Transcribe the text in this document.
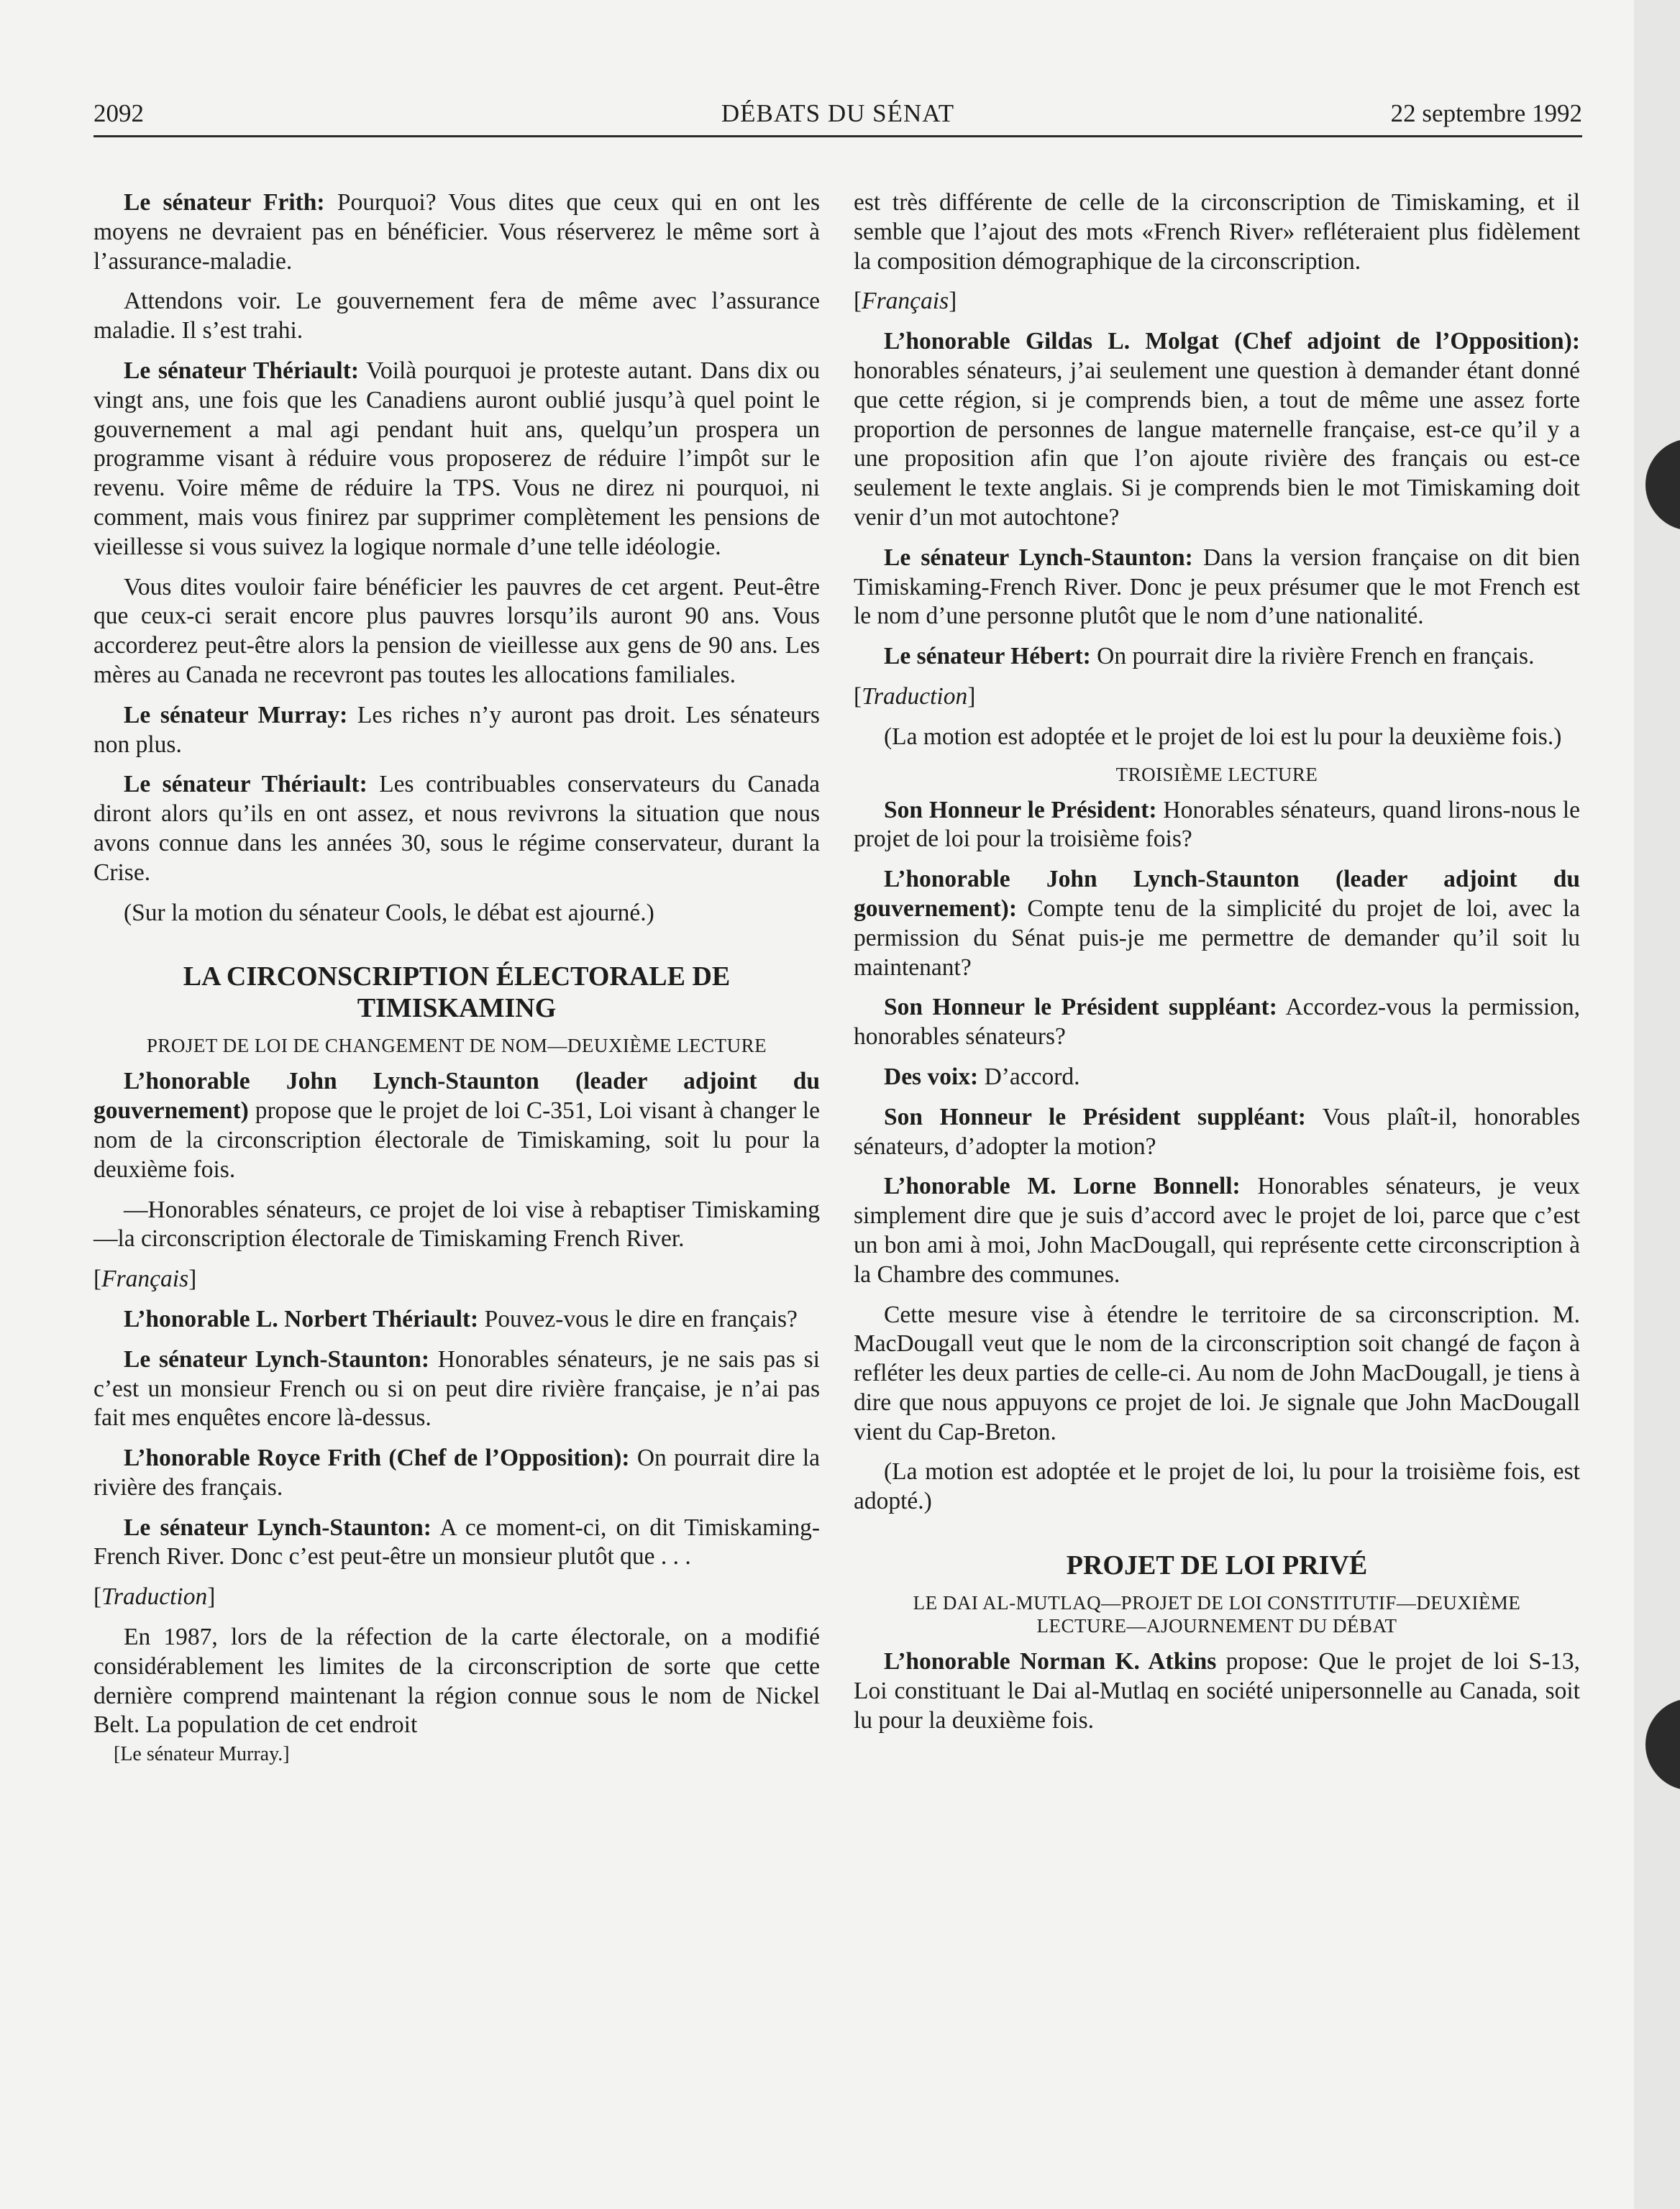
2092	DÉBATS DU SÉNAT	22 septembre 1992

Le sénateur Frith: Pourquoi? Vous dites que ceux qui en ont les moyens ne devraient pas en bénéficier. Vous réserverez le même sort à l’assurance-maladie.

Attendons voir. Le gouvernement fera de même avec l’assurance maladie. Il s’est trahi.

Le sénateur Thériault: Voilà pourquoi je proteste autant. Dans dix ou vingt ans, une fois que les Canadiens auront oublié jusqu’à quel point le gouvernement a mal agi pendant huit ans, quelqu’un prospera un programme visant à réduire vous proposerez de réduire l’impôt sur le revenu. Voire même de réduire la TPS. Vous ne direz ni pourquoi, ni comment, mais vous finirez par supprimer complètement les pensions de vieillesse si vous suivez la logique normale d’une telle idéologie.

Vous dites vouloir faire bénéficier les pauvres de cet argent. Peut-être que ceux-ci serait encore plus pauvres lorsqu’ils auront 90 ans. Vous accorderez peut-être alors la pension de vieillesse aux gens de 90 ans. Les mères au Canada ne recevront pas toutes les allocations familiales.

Le sénateur Murray: Les riches n’y auront pas droit. Les sénateurs non plus.

Le sénateur Thériault: Les contribuables conservateurs du Canada diront alors qu’ils en ont assez, et nous revivrons la situation que nous avons connue dans les années 30, sous le régime conservateur, durant la Crise.

(Sur la motion du sénateur Cools, le débat est ajourné.)

LA CIRCONSCRIPTION ÉLECTORALE DE TIMISKAMING
PROJET DE LOI DE CHANGEMENT DE NOM—DEUXIÈME LECTURE

L’honorable John Lynch-Staunton (leader adjoint du gouvernement) propose que le projet de loi C-351, Loi visant à changer le nom de la circonscription électorale de Timiskaming, soit lu pour la deuxième fois.

—Honorables sénateurs, ce projet de loi vise à rebaptiser Timiskaming—la circonscription électorale de Timiskaming French River.

[Français]

L’honorable L. Norbert Thériault: Pouvez-vous le dire en français?

Le sénateur Lynch-Staunton: Honorables sénateurs, je ne sais pas si c’est un monsieur French ou si on peut dire rivière française, je n’ai pas fait mes enquêtes encore là-dessus.

L’honorable Royce Frith (Chef de l’Opposition): On pourrait dire la rivière des français.

Le sénateur Lynch-Staunton: A ce moment-ci, on dit Timiskaming-French River. Donc c’est peut-être un monsieur plutôt que . . .

[Traduction]

En 1987, lors de la réfection de la carte électorale, on a modifié considérablement les limites de la circonscription de sorte que cette dernière comprend maintenant la région connue sous le nom de Nickel Belt. La population de cet endroit

[Le sénateur Murray.]

est très différente de celle de la circonscription de Timiskaming, et il semble que l’ajout des mots «French River» refléteraient plus fidèlement la composition démographique de la circonscription.

[Français]

L’honorable Gildas L. Molgat (Chef adjoint de l’Opposition): honorables sénateurs, j’ai seulement une question à demander étant donné que cette région, si je comprends bien, a tout de même une assez forte proportion de personnes de langue maternelle française, est-ce qu’il y a une proposition afin que l’on ajoute rivière des français ou est-ce seulement le texte anglais. Si je comprends bien le mot Timiskaming doit venir d’un mot autochtone?

Le sénateur Lynch-Staunton: Dans la version française on dit bien Timiskaming-French River. Donc je peux présumer que le mot French est le nom d’une personne plutôt que le nom d’une nationalité.

Le sénateur Hébert: On pourrait dire la rivière French en français.

[Traduction]

(La motion est adoptée et le projet de loi est lu pour la deuxième fois.)

TROISIÈME LECTURE

Son Honneur le Président: Honorables sénateurs, quand lirons-nous le projet de loi pour la troisième fois?

L’honorable John Lynch-Staunton (leader adjoint du gouvernement): Compte tenu de la simplicité du projet de loi, avec la permission du Sénat puis-je me permettre de demander qu’il soit lu maintenant?

Son Honneur le Président suppléant: Accordez-vous la permission, honorables sénateurs?

Des voix: D’accord.

Son Honneur le Président suppléant: Vous plaît-il, honorables sénateurs, d’adopter la motion?

L’honorable M. Lorne Bonnell: Honorables sénateurs, je veux simplement dire que je suis d’accord avec le projet de loi, parce que c’est un bon ami à moi, John MacDougall, qui représente cette circonscription à la Chambre des communes.

Cette mesure vise à étendre le territoire de sa circonscription. M. MacDougall veut que le nom de la circonscription soit changé de façon à refléter les deux parties de celle-ci. Au nom de John MacDougall, je tiens à dire que nous appuyons ce projet de loi. Je signale que John MacDougall vient du Cap-Breton.

(La motion est adoptée et le projet de loi, lu pour la troisième fois, est adopté.)

PROJET DE LOI PRIVÉ
LE DAI AL-MUTLAQ—PROJET DE LOI CONSTITUTIF—DEUXIÈME LECTURE—AJOURNEMENT DU DÉBAT

L’honorable Norman K. Atkins propose: Que le projet de loi S-13, Loi constituant le Dai al-Mutlaq en société unipersonnelle au Canada, soit lu pour la deuxième fois.
